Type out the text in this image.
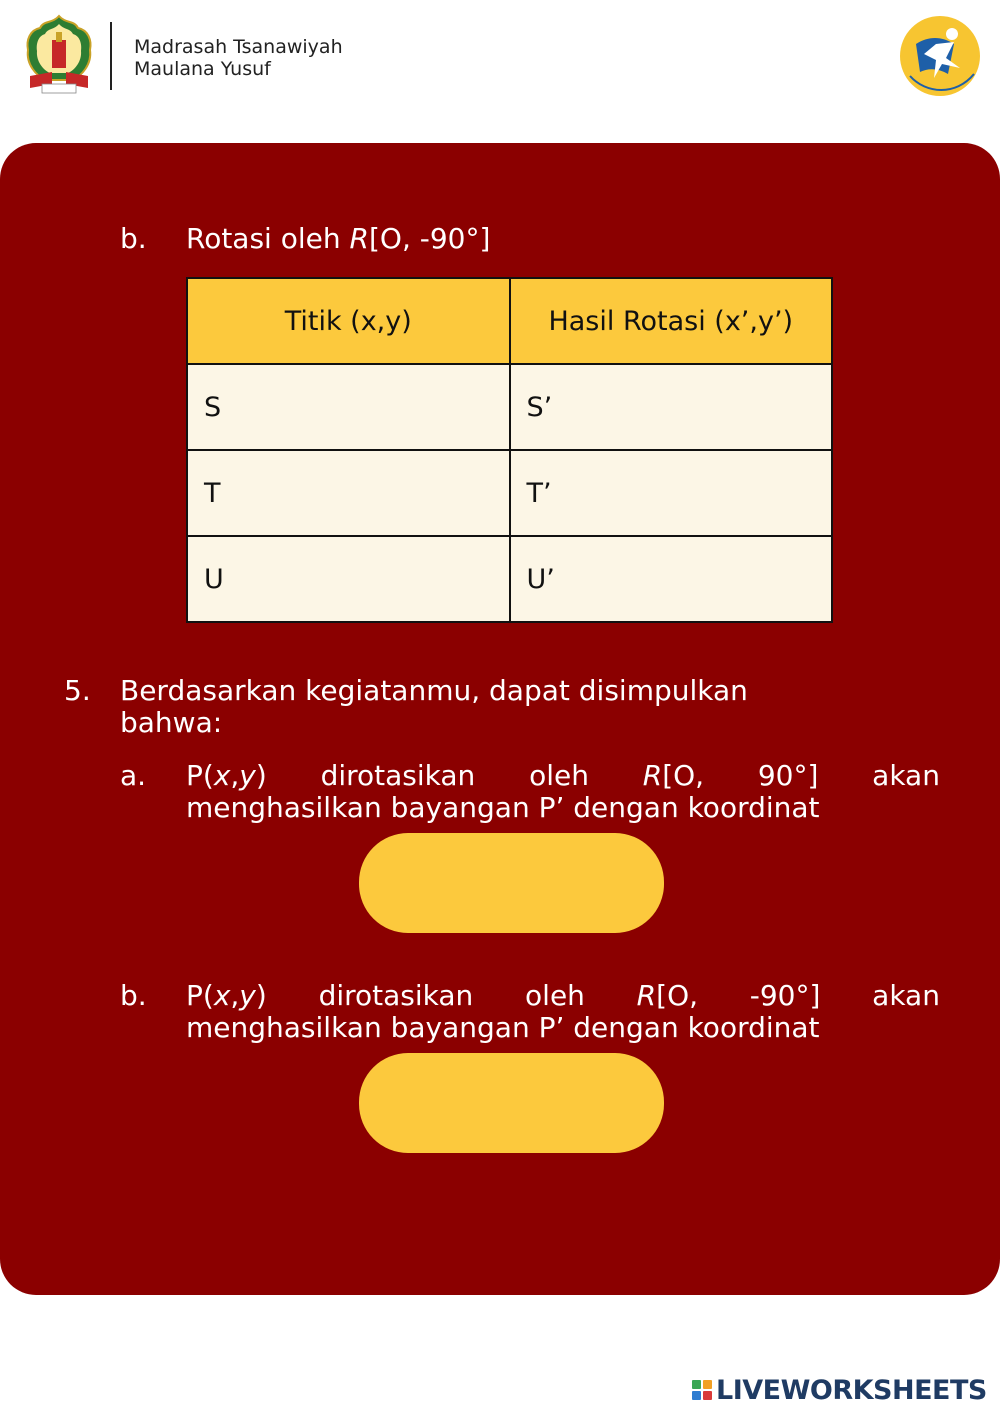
Madrasah Tsanawiyah
Maulana Yusuf
b. Rotasi oleh R[O, -90°]
Titik (x,y)	Hasil Rotasi (x’,y’)
S	S’
T	T’
U	U’
5. Berdasarkan kegiatanmu, dapat disimpulkan
bahwa:
a. P(x,y) dirotasikan oleh R[O, 90°] akan
menghasilkan bayangan P’ dengan koordinat
b. P(x,y) dirotasikan oleh R[O, -90°] akan
menghasilkan bayangan P’ dengan koordinat
LIVEWORKSHEETS
